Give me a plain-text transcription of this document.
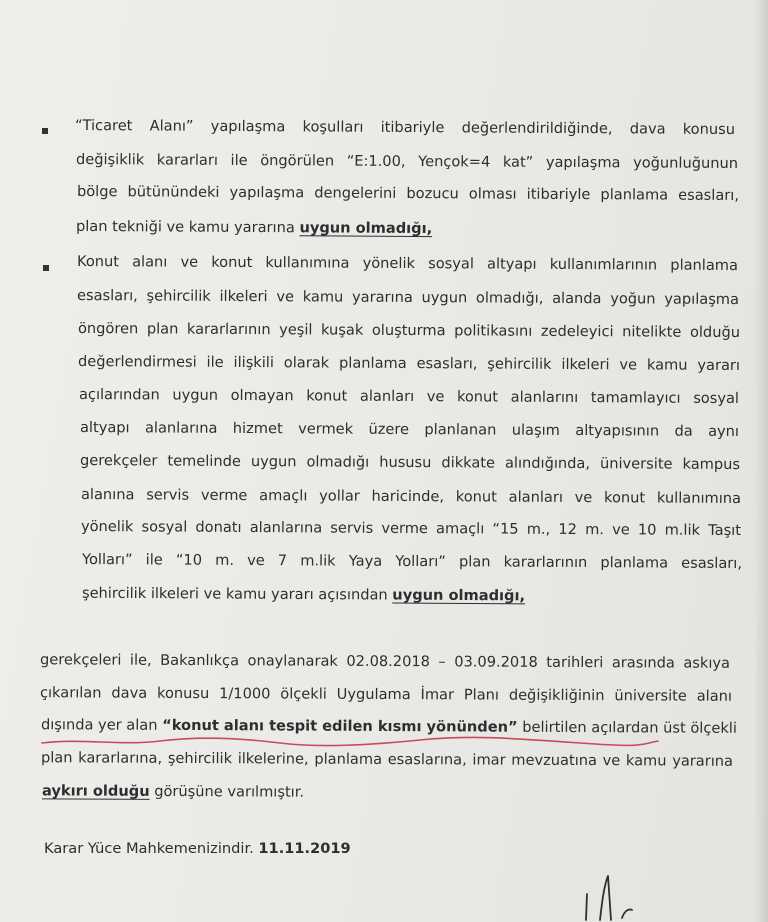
“Ticaret Alanı” yapılaşma koşulları itibariyle değerlendirildiğinde, dava konusu
değişiklik kararları ile öngörülen “E:1.00, Yençok=4 kat” yapılaşma yoğunluğunun
bölge bütünündeki yapılaşma dengelerini bozucu olması itibariyle planlama esasları,
plan tekniği ve kamu yararına uygun olmadığı,
Konut alanı ve konut kullanımına yönelik sosyal altyapı kullanımlarının planlama
esasları, şehircilik ilkeleri ve kamu yararına uygun olmadığı, alanda yoğun yapılaşma
öngören plan kararlarının yeşil kuşak oluşturma politikasını zedeleyici nitelikte olduğu
değerlendirmesi ile ilişkili olarak planlama esasları, şehircilik ilkeleri ve kamu yararı
açılarından uygun olmayan konut alanları ve konut alanlarını tamamlayıcı sosyal
altyapı alanlarına hizmet vermek üzere planlanan ulaşım altyapısının da aynı
gerekçeler temelinde uygun olmadığı hususu dikkate alındığında, üniversite kampus
alanına servis verme amaçlı yollar haricinde, konut alanları ve konut kullanımına
yönelik sosyal donatı alanlarına servis verme amaçlı “15 m., 12 m. ve 10 m.lik Taşıt
Yolları” ile “10 m. ve 7 m.lik Yaya Yolları” plan kararlarının planlama esasları,
şehircilik ilkeleri ve kamu yararı açısından uygun olmadığı,
gerekçeleri ile, Bakanlıkça onaylanarak 02.08.2018 – 03.09.2018 tarihleri arasında askıya
çıkarılan dava konusu 1/1000 ölçekli Uygulama İmar Planı değişikliğinin üniversite alanı
dışında yer alan “konut alanı tespit edilen kısmı yönünden” belirtilen açılardan üst ölçekli
plan kararlarına, şehircilik ilkelerine, planlama esaslarına, imar mevzuatına ve kamu yararına
aykırı olduğu görüşüne varılmıştır.
Karar Yüce Mahkemenizindir. 11.11.2019
